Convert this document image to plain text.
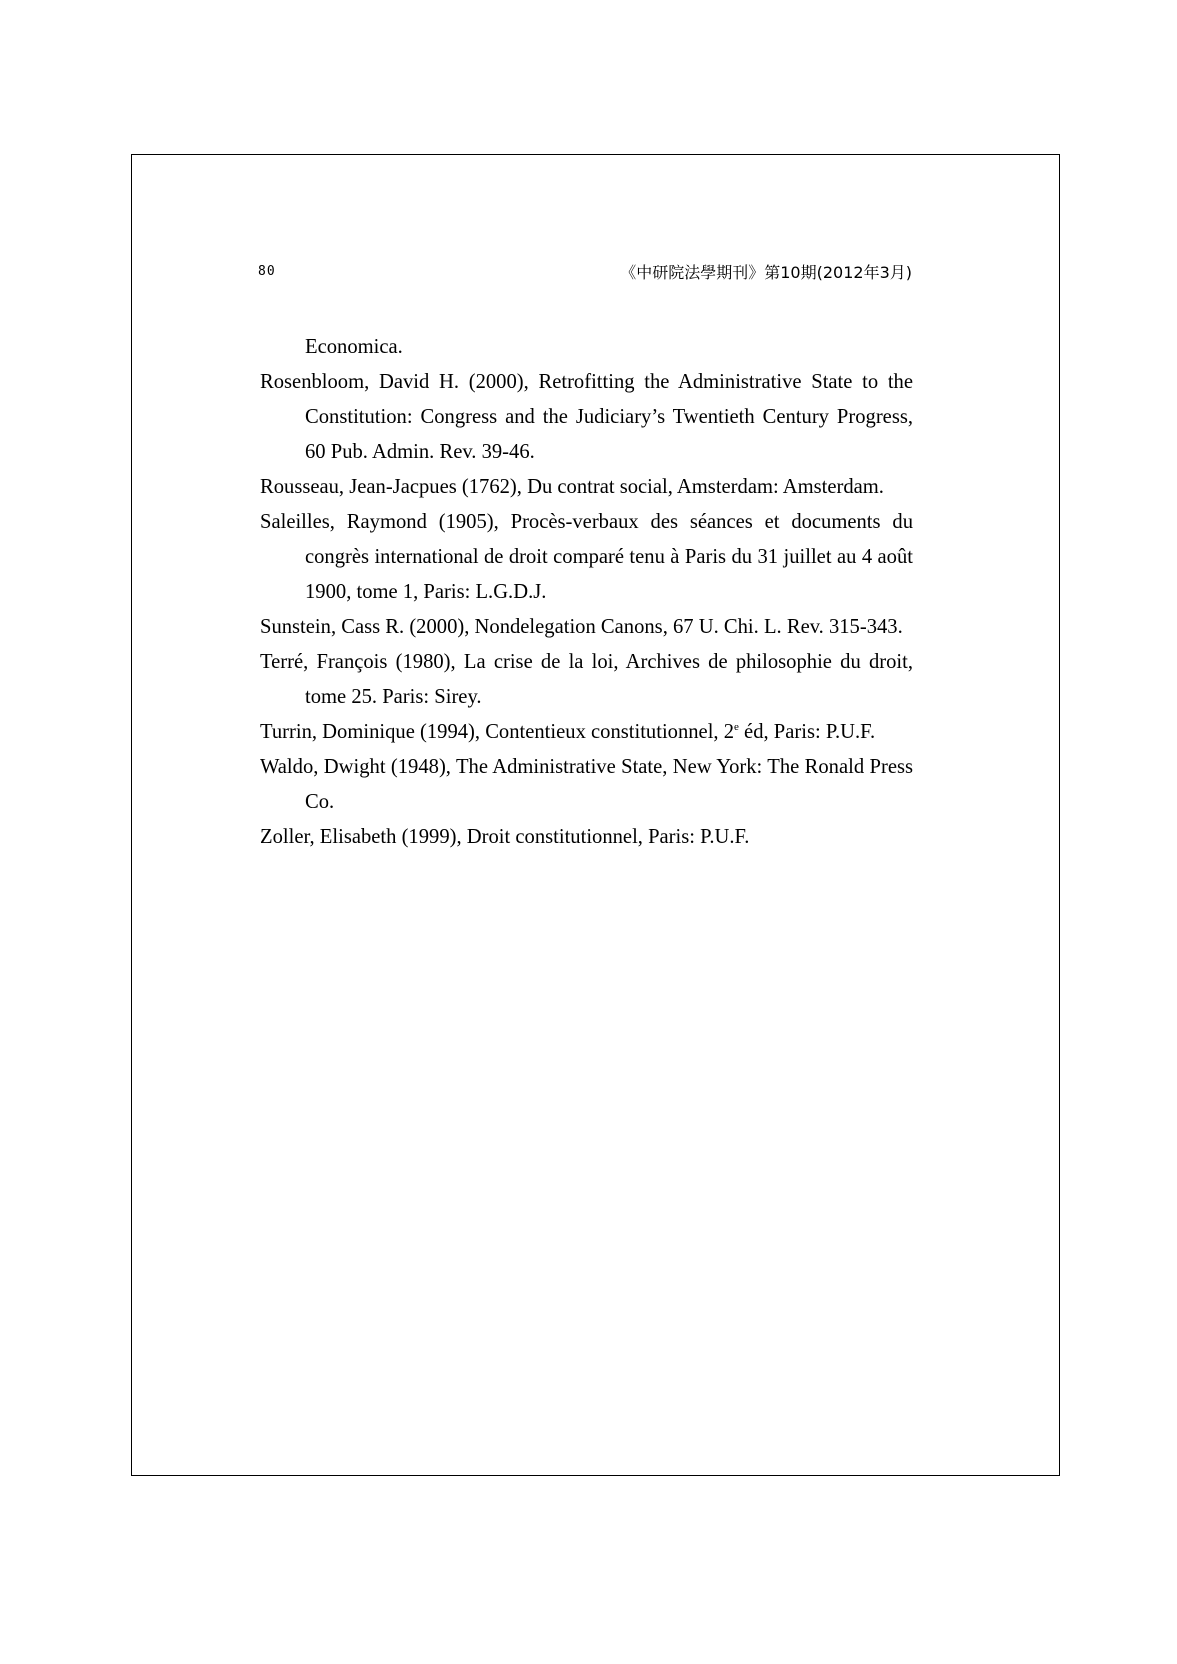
80	《中研院法學期刊》第10期(2012年3月)
Economica.
Rosenbloom, David H. (2000), Retrofitting the Administrative State to the Constitution: Congress and the Judiciary’s Twentieth Century Progress, 60 Pub. Admin. Rev. 39-46.
Rousseau, Jean-Jacpues (1762), Du contrat social, Amsterdam: Amsterdam.
Saleilles, Raymond (1905), Procès-verbaux des séances et documents du congrès international de droit comparé tenu à Paris du 31 juillet au 4 août 1900, tome 1, Paris: L.G.D.J.
Sunstein, Cass R. (2000), Nondelegation Canons, 67 U. Chi. L. Rev. 315-343.
Terré, François (1980), La crise de la loi, Archives de philosophie du droit, tome 25. Paris: Sirey.
Turrin, Dominique (1994), Contentieux constitutionnel, 2e éd, Paris: P.U.F.
Waldo, Dwight (1948), The Administrative State, New York: The Ronald Press Co.
Zoller, Elisabeth (1999), Droit constitutionnel, Paris: P.U.F.
